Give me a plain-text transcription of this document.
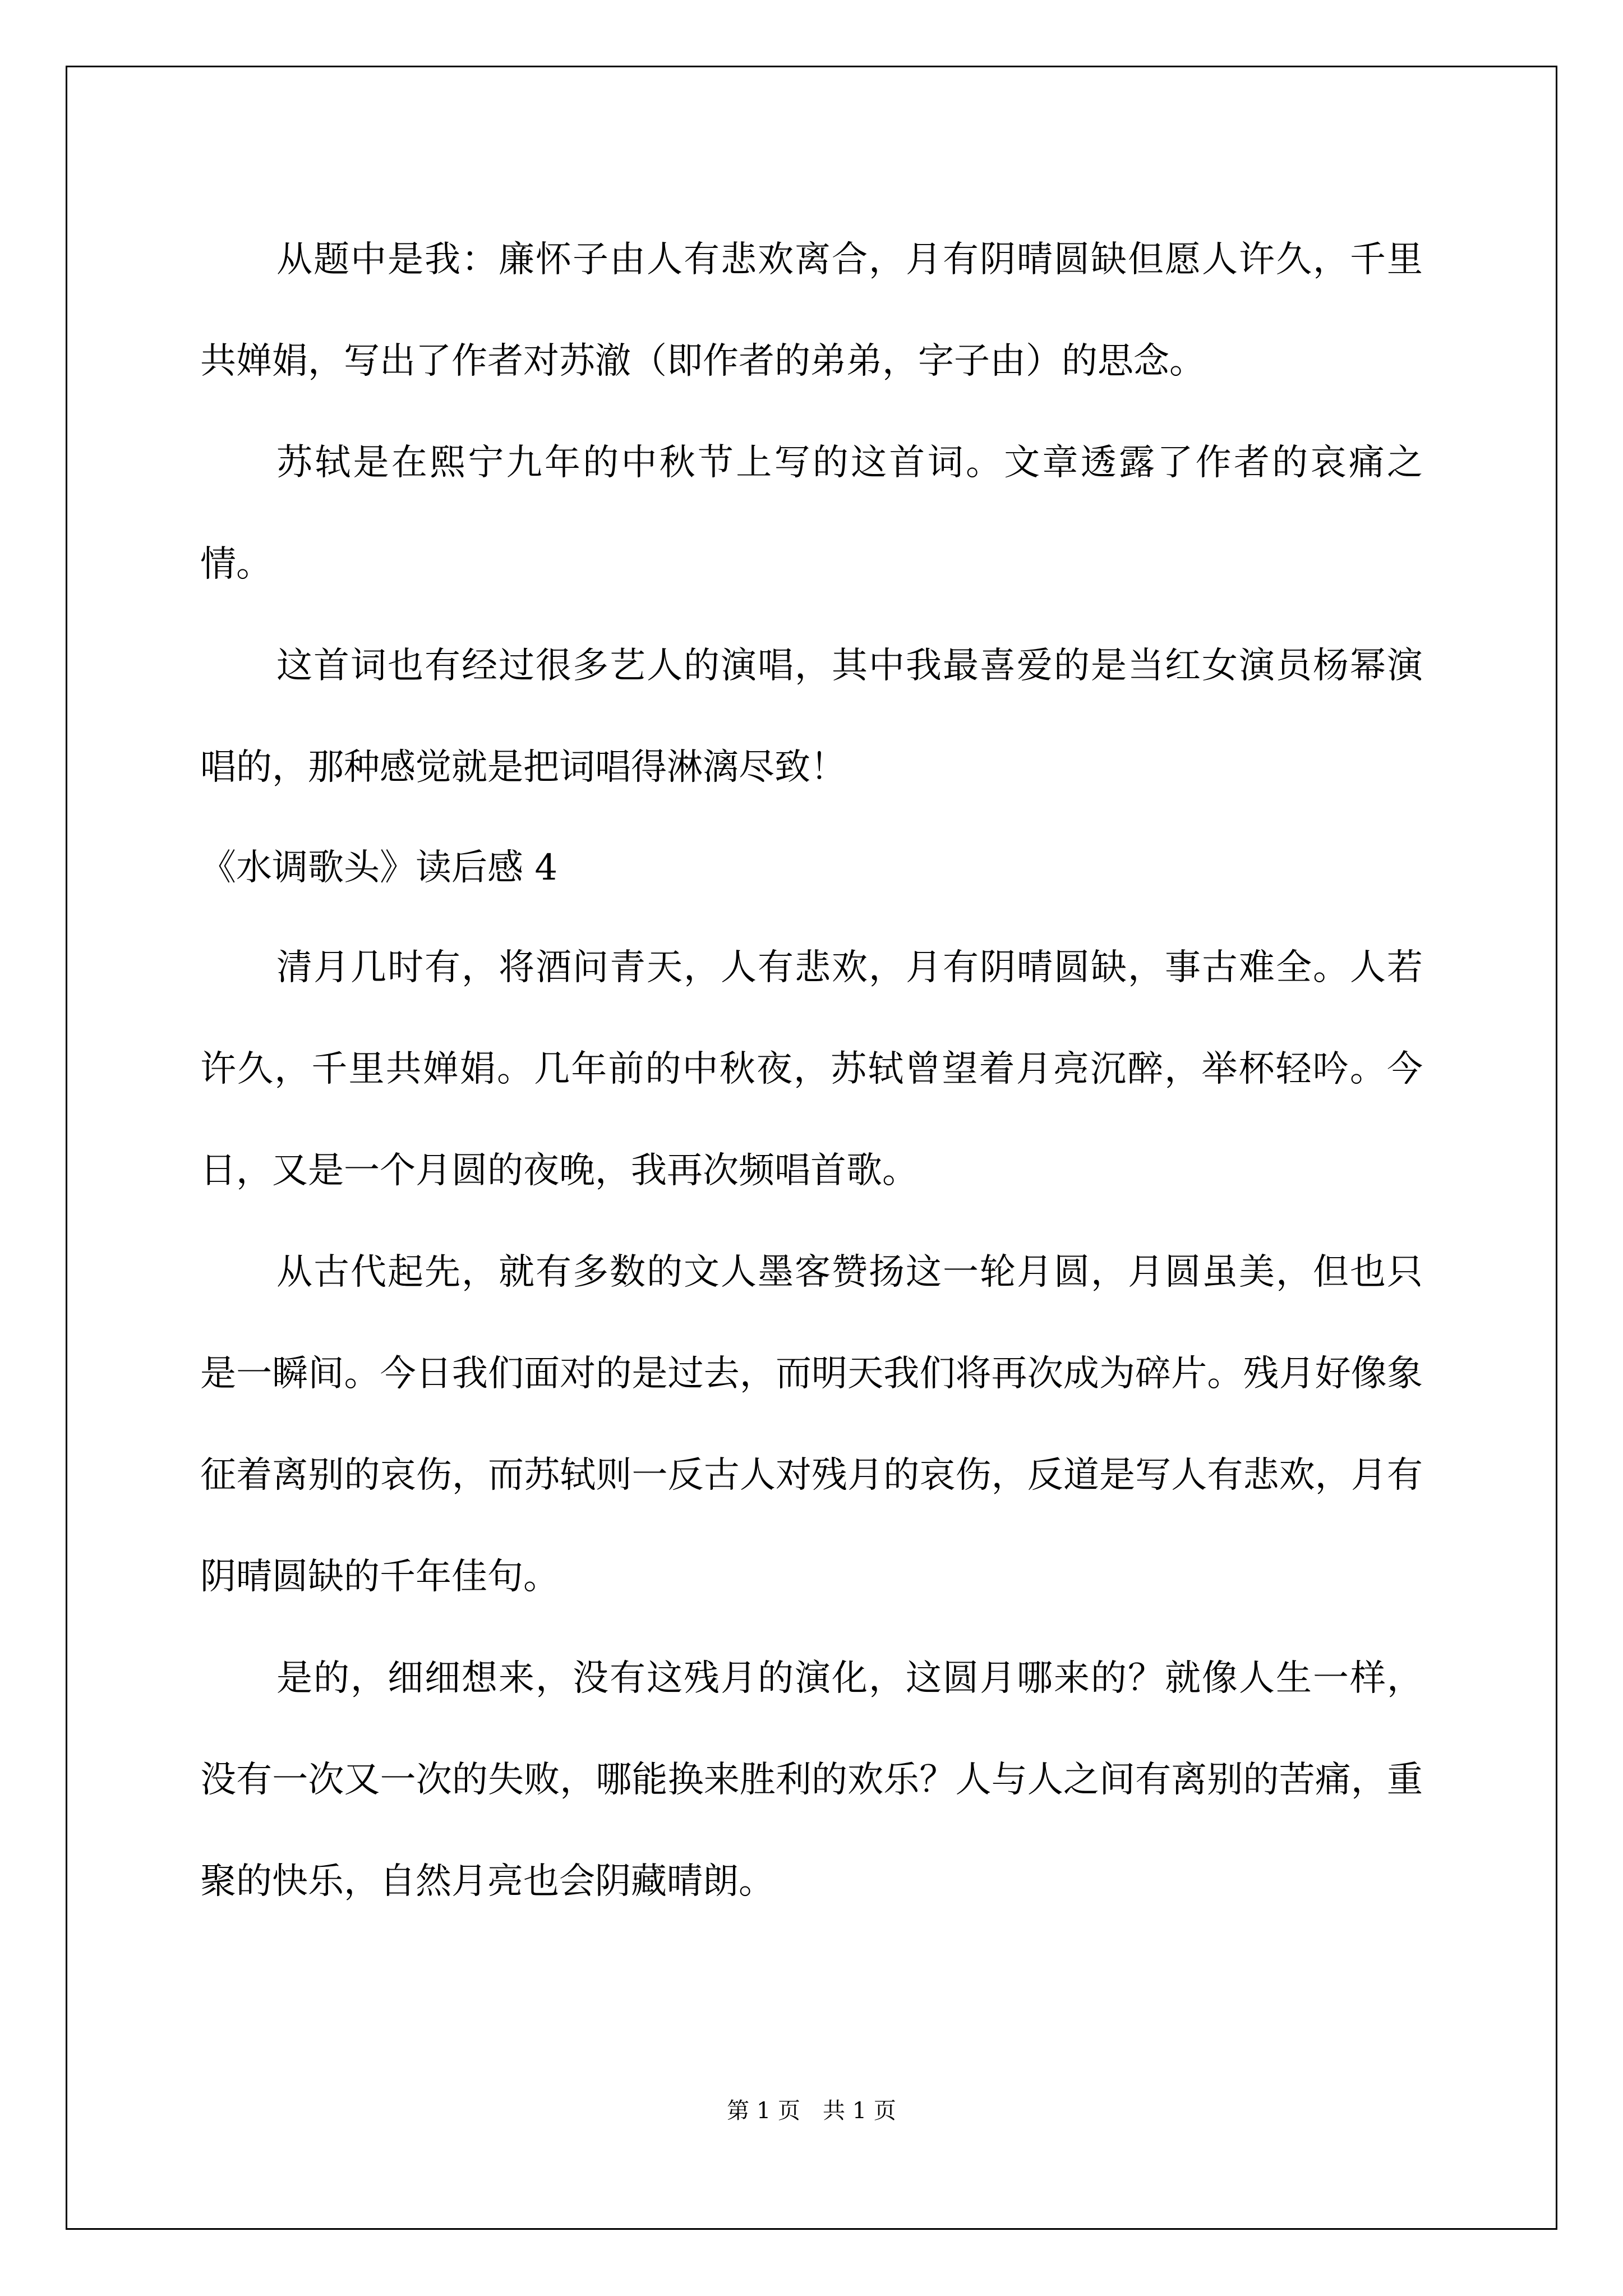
从题中是我：廉怀子由人有悲欢离合，月有阴晴圆缺但愿人许久，千里共婵娟，写出了作者对苏澈（即作者的弟弟，字子由）的思念。

苏轼是在熙宁九年的中秋节上写的这首词。文章透露了作者的哀痛之情。

这首词也有经过很多艺人的演唱，其中我最喜爱的是当红女演员杨幂演唱的，那种感觉就是把词唱得淋漓尽致！

《水调歌头》读后感 4

清月几时有，将酒问青天，人有悲欢，月有阴晴圆缺，事古难全。人若许久，千里共婵娟。几年前的中秋夜，苏轼曾望着月亮沉醉，举杯轻吟。今日，又是一个月圆的夜晚，我再次频唱首歌。

从古代起先，就有多数的文人墨客赞扬这一轮月圆，月圆虽美，但也只是一瞬间。今日我们面对的是过去，而明天我们将再次成为碎片。残月好像象征着离别的哀伤，而苏轼则一反古人对残月的哀伤，反道是写人有悲欢，月有阴晴圆缺的千年佳句。

是的，细细想来，没有这残月的演化，这圆月哪来的？就像人生一样，没有一次又一次的失败，哪能换来胜利的欢乐？人与人之间有离别的苦痛，重聚的快乐，自然月亮也会阴藏晴朗。

第 1 页　共 1 页
